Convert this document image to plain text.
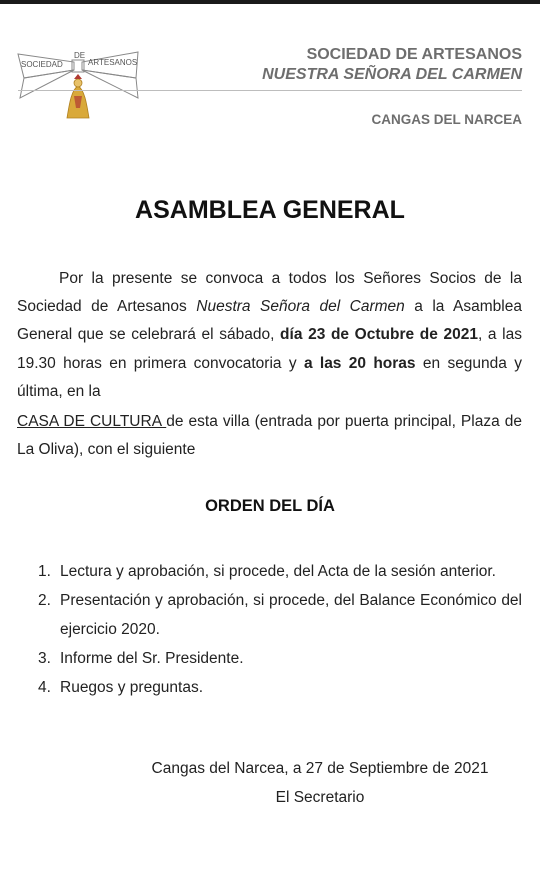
SOCIEDAD
DE
ARTESANOS	SOCIEDAD DE ARTESANOS
NUESTRA SEÑORA DEL CARMEN
CANGAS DEL NARCEA
ASAMBLEA GENERAL
Por la presente se convoca a todos los Señores Socios de la Sociedad de Artesanos Nuestra Señora del Carmen a la Asamblea General que se celebrará el sábado, día 23 de Octubre de 2021, a las 19.30 horas en primera convocatoria y a las 20 horas en segunda y última, en la
CASA DE CULTURA de esta villa (entrada por puerta principal, Plaza de La Oliva), con el siguiente
ORDEN DEL DÍA
1. Lectura y aprobación, si procede, del Acta de la sesión anterior.
2. Presentación y aprobación, si procede, del Balance Económico del ejercicio 2020.
3. Informe del Sr. Presidente.
4. Ruegos y preguntas.
Cangas del Narcea, a 27 de Septiembre de 2021
El Secretario
